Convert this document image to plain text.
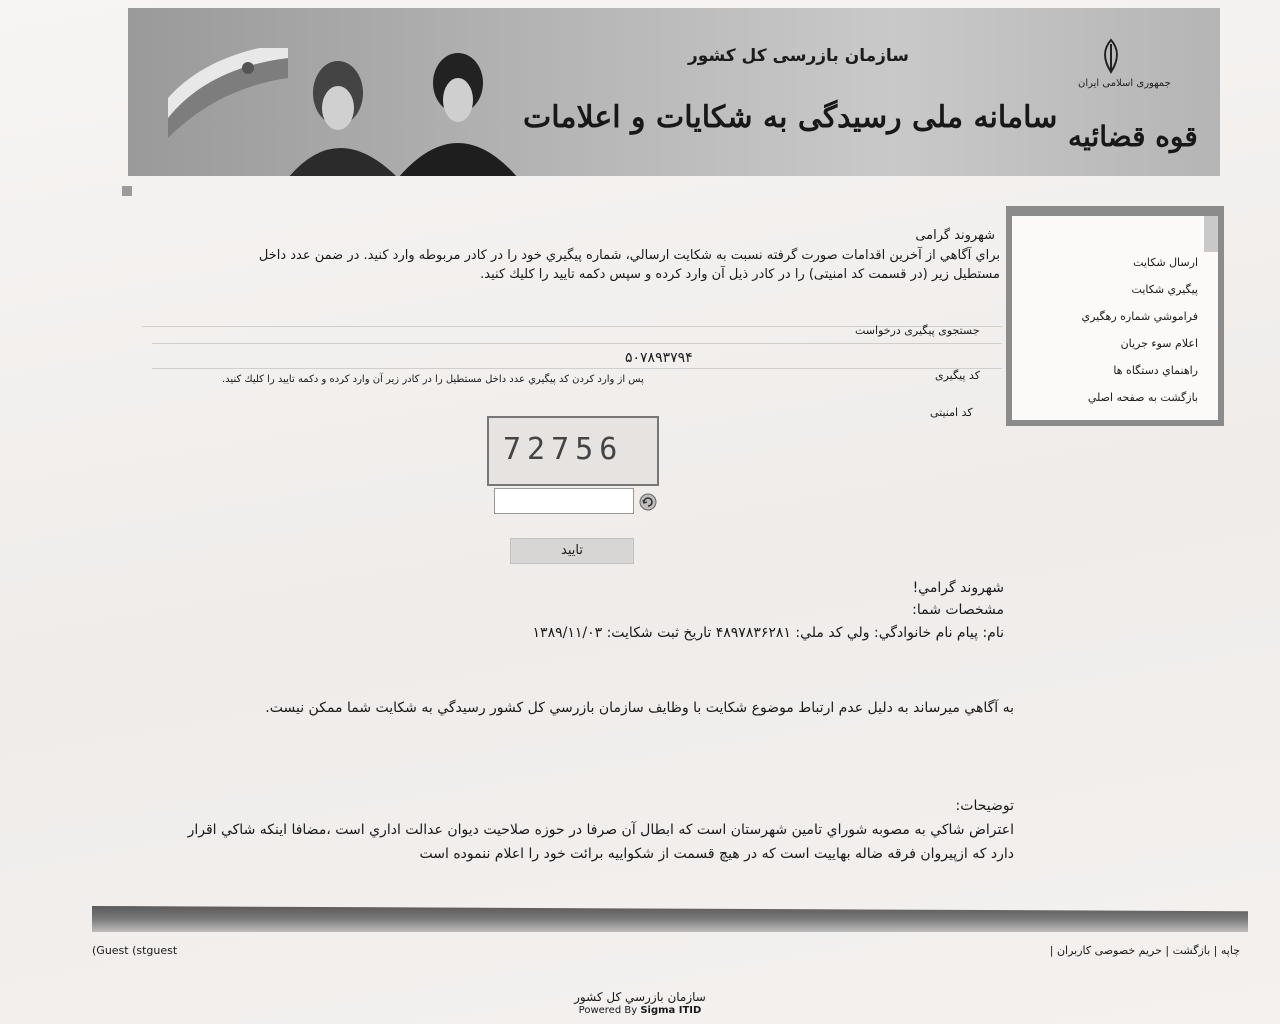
سازمان بازرسی کل کشور
سامانه ملی رسیدگی به شکایات و اعلامات
جمهوری اسلامی ایران
قوه قضائیه
ارسال شكايت
پيگيري شكايت
فراموشي شماره رهگيري
اعلام سوء جريان
راهنماي دستگاه ها
بازگشت به صفحه اصلي
شهروند گرامی
براي آگاهي از آخرين اقدامات صورت گرفته نسبت به شكايت ارسالي، شماره پيگيري خود را در كادر مربوطه وارد كنيد. در ضمن عدد داخل
مستطيل زير (در قسمت كد امنيتی) را در كادر ذيل آن وارد كرده و سپس دكمه تاييد را كليك كنيد.
جستجوی پیگیری درخواست
۵۰۷۸۹۳۷۹۴
کد پیگیری
پس از وارد كردن كد پيگيري عدد داخل مستطيل را در كادر زير آن وارد كرده و دكمه تاييد را كليك كنيد.
کد امنیتی
72756
تایید
شهروند گرامي!
مشخصات شما:
نام: پيام نام خانوادگي: ولي كد ملي: ۴۸۹۷۸۳۶۲۸۱ تاريخ ثبت شكايت: ۱۳۸۹/۱۱/۰۳
به آگاهي ميرساند به دليل عدم ارتباط موضوع شكايت با وظايف سازمان بازرسي كل كشور رسيدگي به شكايت شما ممكن نيست.
توضيحات:
اعتراض شاكي به مصوبه شوراي تامين شهرستان است كه ابطال آن صرفا در حوزه صلاحيت ديوان عدالت اداري است ،مضافا اينكه شاكي اقرار
دارد كه ازپيروان فرقه ضاله بهاييت است كه در هيچ قسمت از شكواييه برائت خود را اعلام ننموده است
چاپه | بازگشت | حریم خصوصی کاربران |
(Guest (stguest
سازمان بازرسي كل كشور
Powered By Sigma ITID
